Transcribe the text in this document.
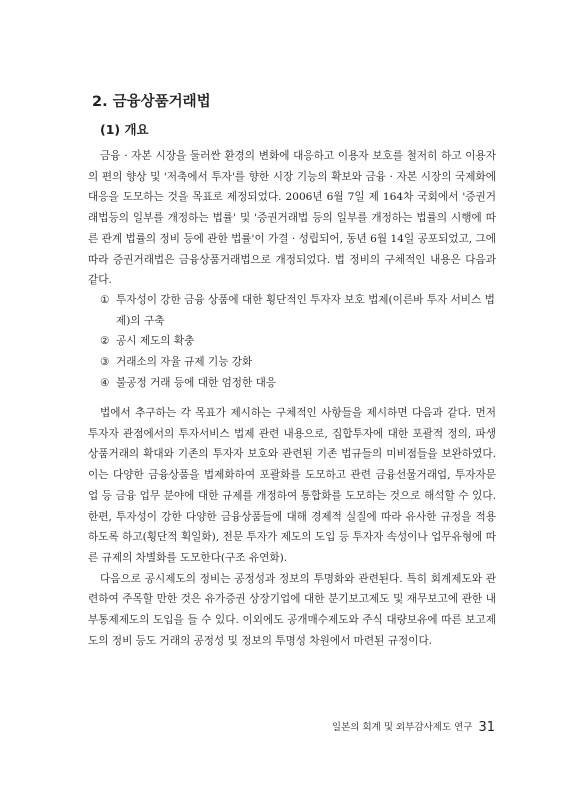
2. 금융상품거래법
(1) 개요

금융 · 자본 시장을 둘러싼 환경의 변화에 대응하고 이용자 보호를 철저히 하고 이용자의 편의 향상 및 '저축에서 투자'를 향한 시장 기능의 확보와 금융 · 자본 시장의 국제화에 대응을 도모하는 것을 목표로 제정되었다. 2006년 6월 7일 제 164차 국회에서 '증권거래법등의 일부를 개정하는 법률' 및 '증권거래법 등의 일부를 개정하는 법률의 시행에 따른 관계 법률의 정비 등에 관한 법률'이 가결 · 성립되어, 동년 6월 14일 공포되었고, 그에 따라 증권거래법은 금융상품거래법으로 개정되었다. 법 정비의 구체적인 내용은 다음과 같다.

① 투자성이 강한 금융 상품에 대한 횡단적인 투자자 보호 법제(이른바 투자 서비스 법제)의 구축
② 공시 제도의 확충
③ 거래소의 자율 규제 기능 강화
④ 불공정 거래 등에 대한 엄정한 대응

법에서 추구하는 각 목표가 제시하는 구체적인 사항들을 제시하면 다음과 같다. 먼저 투자자 관점에서의 투자서비스 법제 관련 내용으로, 집합투자에 대한 포괄적 정의, 파생상품거래의 확대와 기존의 투자자 보호와 관련된 기존 법규들의 미비점들을 보완하였다. 이는 다양한 금융상품을 법제화하여 포괄화를 도모하고 관련 금융선물거래업, 투자자문업 등 금융 업무 분야에 대한 규제를 개정하여 통합화를 도모하는 것으로 해석할 수 있다. 한편, 투자성이 강한 다양한 금융상품들에 대해 경제적 실질에 따라 유사한 규정을 적용하도록 하고(횡단적 획일화), 전문 투자가 제도의 도입 등 투자자 속성이나 업무유형에 따른 규제의 차별화를 도모한다(구조 유연화).

다음으로 공시제도의 정비는 공정성과 정보의 투명화와 관련된다. 특히 회계제도와 관련하여 주목할 만한 것은 유가증권 상장기업에 대한 분기보고제도 및 재무보고에 관한 내부통제제도의 도입을 들 수 있다. 이외에도 공개매수제도와 주식 대량보유에 따른 보고제도의 정비 등도 거래의 공정성 및 정보의 투명성 차원에서 마련된 규정이다.

일본의 회계 및 외부감사제도 연구 31
